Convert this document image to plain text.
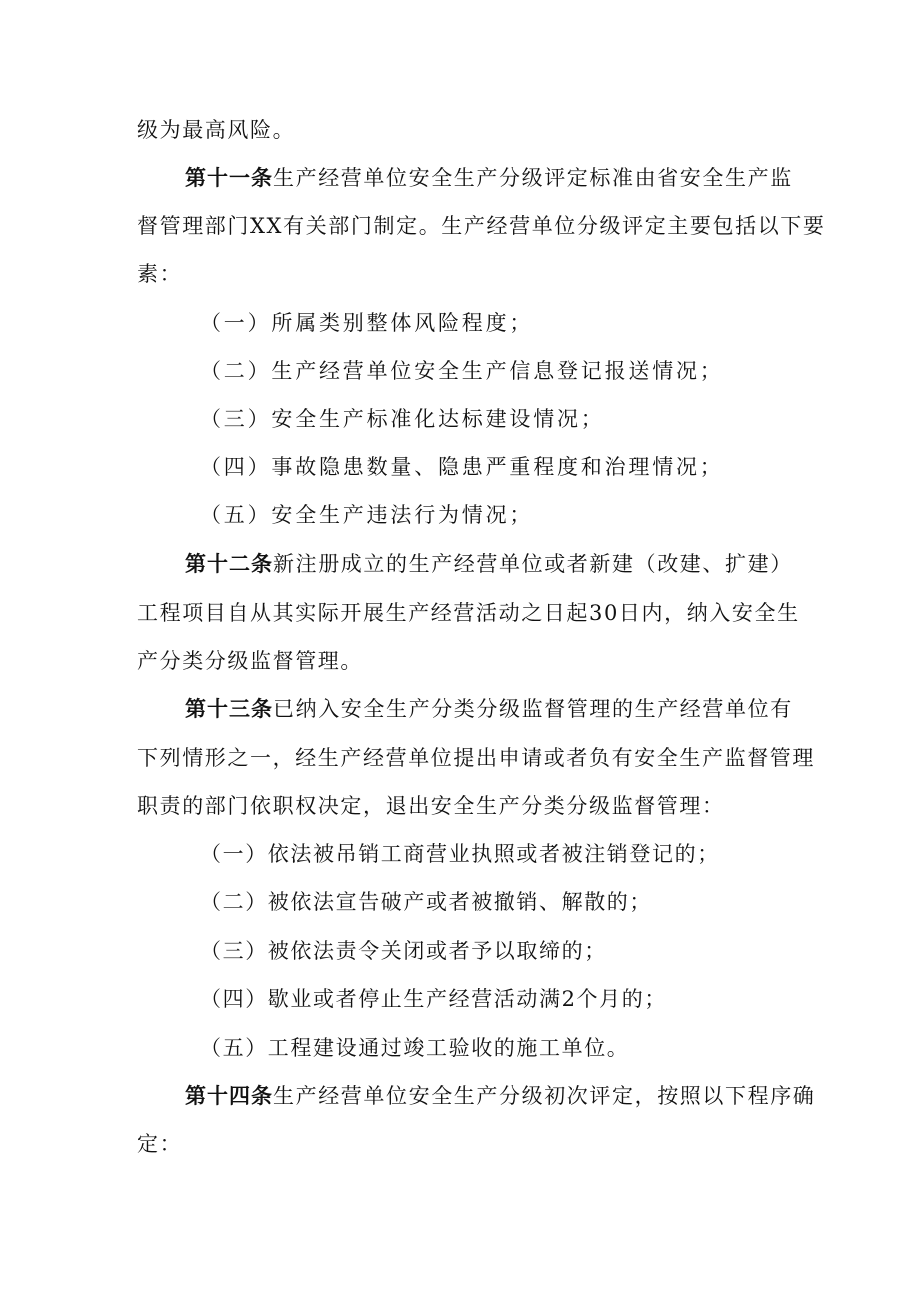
级为最高风险。
第十一条生产经营单位安全生产分级评定标准由省安全生产监
督管理部门XX有关部门制定。生产经营单位分级评定主要包括以下要
素：
（一）所属类别整体风险程度；
（二）生产经营单位安全生产信息登记报送情况；
（三）安全生产标准化达标建设情况；
（四）事故隐患数量、隐患严重程度和治理情况；
（五）安全生产违法行为情况；
第十二条新注册成立的生产经营单位或者新建（改建、扩建）
工程项目自从其实际开展生产经营活动之日起30日内，纳入安全生
产分类分级监督管理。
第十三条已纳入安全生产分类分级监督管理的生产经营单位有
下列情形之一，经生产经营单位提出申请或者负有安全生产监督管理
职责的部门依职权决定，退出安全生产分类分级监督管理：
（一）依法被吊销工商营业执照或者被注销登记的；
（二）被依法宣告破产或者被撤销、解散的；
（三）被依法责令关闭或者予以取缔的；
（四）歇业或者停止生产经营活动满2个月的；
（五）工程建设通过竣工验收的施工单位。
第十四条生产经营单位安全生产分级初次评定，按照以下程序确
定：
